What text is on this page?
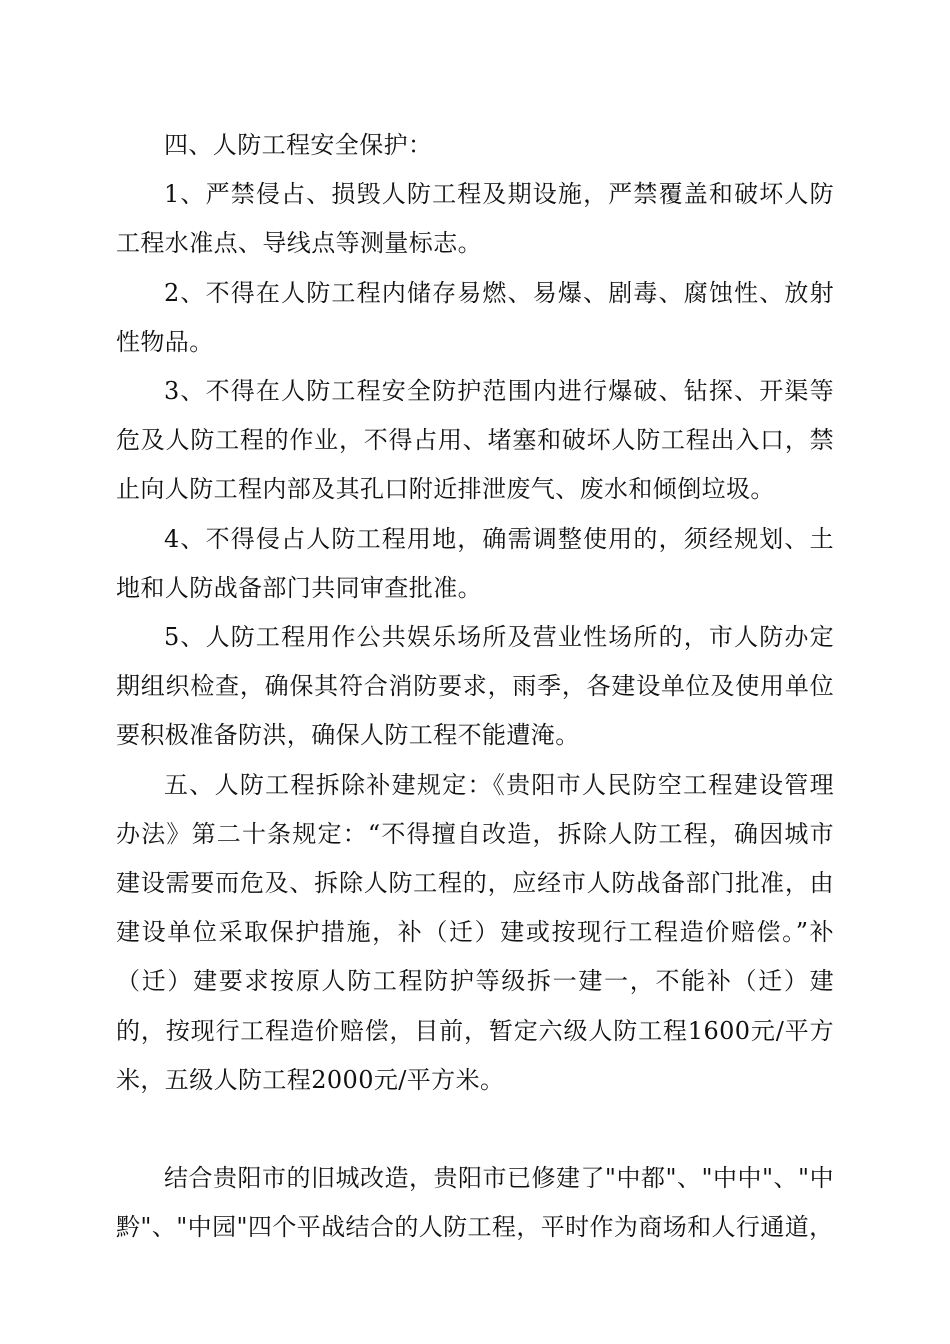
四、人防工程安全保护：

1、严禁侵占、损毁人防工程及期设施，严禁覆盖和破坏人防工程水准点、导线点等测量标志。

2、不得在人防工程内储存易燃、易爆、剧毒、腐蚀性、放射性物品。

3、不得在人防工程安全防护范围内进行爆破、钻探、开渠等危及人防工程的作业，不得占用、堵塞和破坏人防工程出入口，禁止向人防工程内部及其孔口附近排泄废气、废水和倾倒垃圾。

4、不得侵占人防工程用地，确需调整使用的，须经规划、土地和人防战备部门共同审查批准。

5、人防工程用作公共娱乐场所及营业性场所的，市人防办定期组织检查，确保其符合消防要求，雨季，各建设单位及使用单位要积极准备防洪，确保人防工程不能遭淹。

五、人防工程拆除补建规定：《贵阳市人民防空工程建设管理办法》第二十条规定：“不得擅自改造，拆除人防工程，确因城市建设需要而危及、拆除人防工程的，应经市人防战备部门批准，由建设单位采取保护措施，补（迁）建或按现行工程造价赔偿。”补（迁）建要求按原人防工程防护等级拆一建一，不能补（迁）建的，按现行工程造价赔偿，目前，暂定六级人防工程1600元/平方米，五级人防工程2000元/平方米。

结合贵阳市的旧城改造，贵阳市已修建了"中都"、"中中"、"中黔"、"中园"四个平战结合的人防工程，平时作为商场和人行通道，
